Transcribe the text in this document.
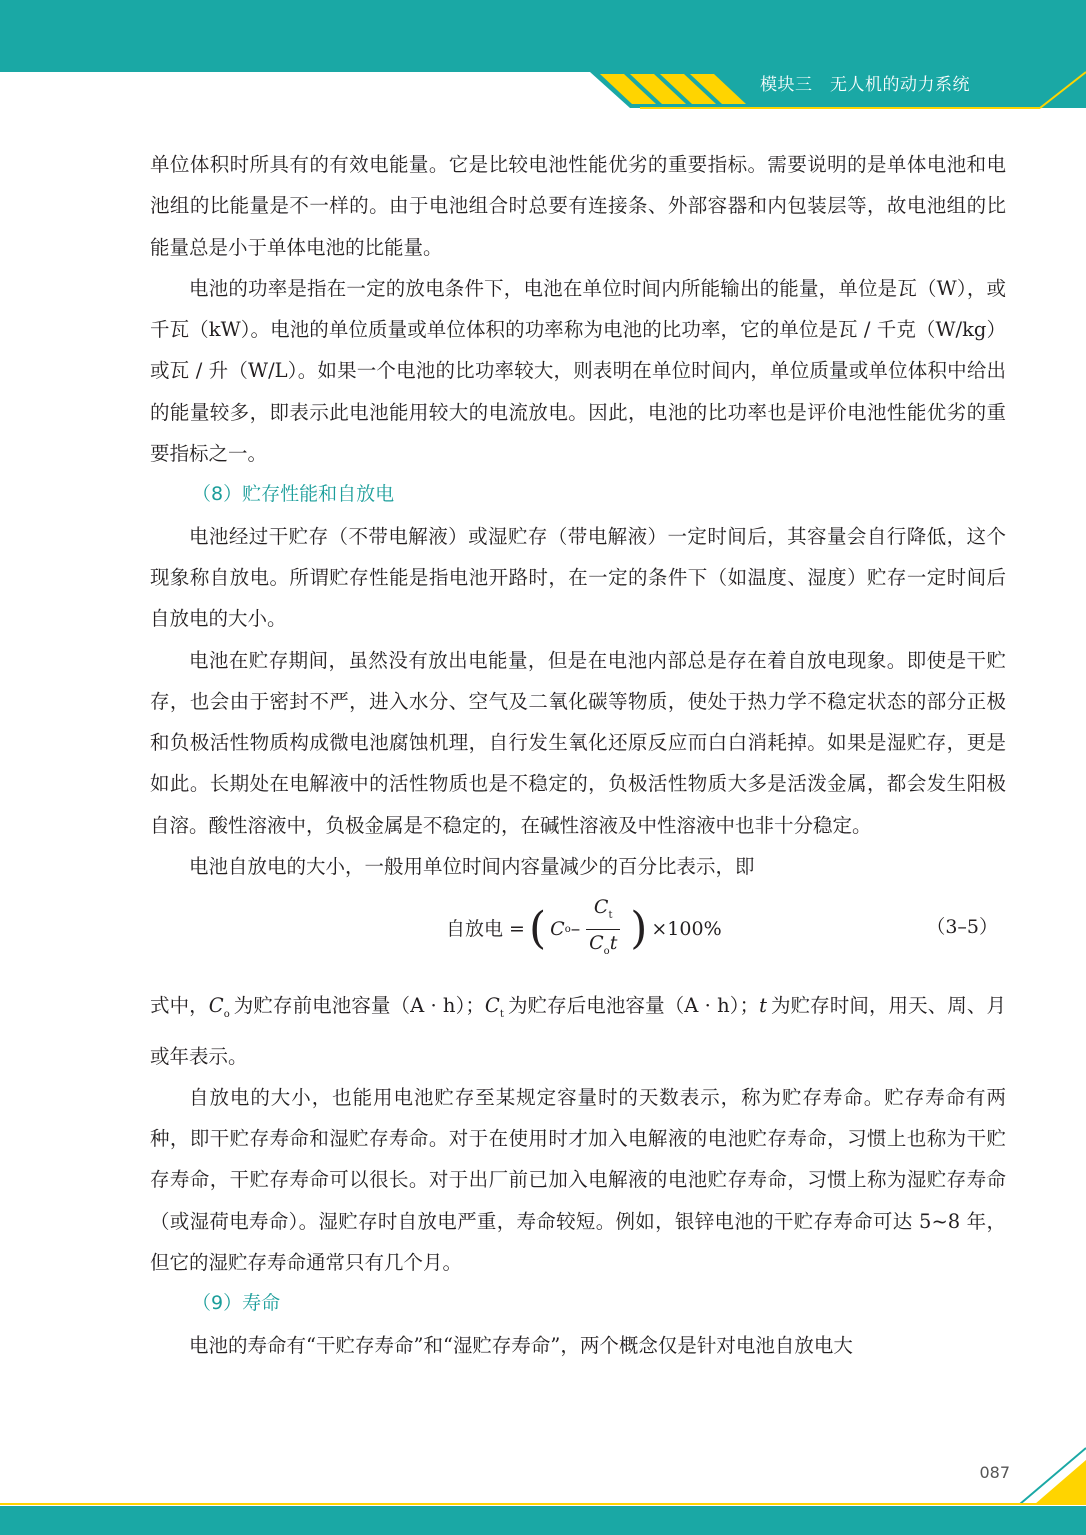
模块三　无人机的动力系统

单位体积时所具有的有效电能量。它是比较电池性能优劣的重要指标。需要说明的是单体电池和电池组的比能量是不一样的。由于电池组合时总要有连接条、外部容器和内包装层等，故电池组的比能量总是小于单体电池的比能量。

电池的功率是指在一定的放电条件下，电池在单位时间内所能输出的能量，单位是瓦（W），或千瓦（kW）。电池的单位质量或单位体积的功率称为电池的比功率，它的单位是瓦 / 千克（W/kg）或瓦 / 升（W/L）。如果一个电池的比功率较大，则表明在单位时间内，单位质量或单位体积中给出的能量较多，即表示此电池能用较大的电流放电。因此，电池的比功率也是评价电池性能优劣的重要指标之一。

（8）贮存性能和自放电

电池经过干贮存（不带电解液）或湿贮存（带电解液）一定时间后，其容量会自行降低，这个现象称自放电。所谓贮存性能是指电池开路时，在一定的条件下（如温度、湿度）贮存一定时间后自放电的大小。

电池在贮存期间，虽然没有放出电能量，但是在电池内部总是存在着自放电现象。即使是干贮存，也会由于密封不严，进入水分、空气及二氧化碳等物质，使处于热力学不稳定状态的部分正极和负极活性物质构成微电池腐蚀机理，自行发生氧化还原反应而白白消耗掉。如果是湿贮存，更是如此。长期处在电解液中的活性物质也是不稳定的，负极活性物质大多是活泼金属，都会发生阳极自溶。酸性溶液中，负极金属是不稳定的，在碱性溶液及中性溶液中也非十分稳定。

电池自放电的大小，一般用单位时间内容量减少的百分比表示，即

自放电 = ( C o – $\frac{C_t}{C_ot}$ ) ×100%	（3–5）

式中，$C_o$ 为贮存前电池容量（A · h）；$C_t$ 为贮存后电池容量（A · h）；t 为贮存时间，用天、周、月或年表示。

自放电的大小，也能用电池贮存至某规定容量时的天数表示，称为贮存寿命。贮存寿命有两种，即干贮存寿命和湿贮存寿命。对于在使用时才加入电解液的电池贮存寿命，习惯上也称为干贮存寿命，干贮存寿命可以很长。对于出厂前已加入电解液的电池贮存寿命，习惯上称为湿贮存寿命（或湿荷电寿命）。湿贮存时自放电严重，寿命较短。例如，银锌电池的干贮存寿命可达 5~8 年，但它的湿贮存寿命通常只有几个月。

（9）寿命

电池的寿命有“干贮存寿命”和“湿贮存寿命”，两个概念仅是针对电池自放电大

087
